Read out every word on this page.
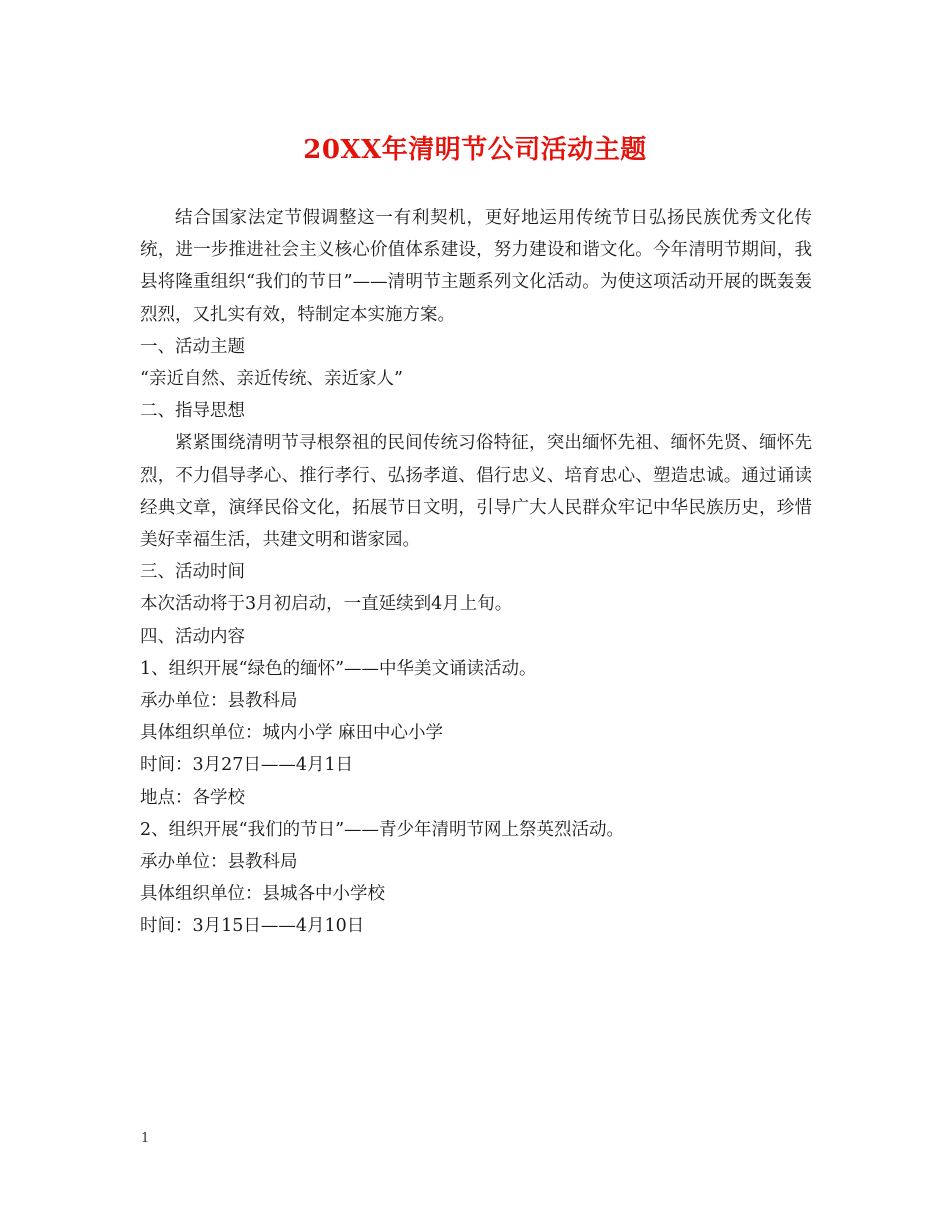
20XX年清明节公司活动主题

结合国家法定节假调整这一有利契机，更好地运用传统节日弘扬民族优秀文化传统，进一步推进社会主义核心价值体系建设，努力建设和谐文化。今年清明节期间，我县将隆重组织“我们的节日”——清明节主题系列文化活动。为使这项活动开展的既轰轰烈烈，又扎实有效，特制定本实施方案。

一、活动主题

“亲近自然、亲近传统、亲近家人”

二、指导思想

紧紧围绕清明节寻根祭祖的民间传统习俗特征，突出缅怀先祖、缅怀先贤、缅怀先烈，不力倡导孝心、推行孝行、弘扬孝道、倡行忠义、培育忠心、塑造忠诚。通过诵读经典文章，演绎民俗文化，拓展节日文明，引导广大人民群众牢记中华民族历史，珍惜美好幸福生活，共建文明和谐家园。

三、活动时间

本次活动将于3月初启动，一直延续到4月上旬。

四、活动内容

1、组织开展“绿色的缅怀”——中华美文诵读活动。

承办单位：县教科局

具体组织单位：城内小学 麻田中心小学

时间：3月27日——4月1日

地点：各学校

2、组织开展“我们的节日”——青少年清明节网上祭英烈活动。

承办单位：县教科局

具体组织单位：县城各中小学校

时间：3月15日——4月10日

1
